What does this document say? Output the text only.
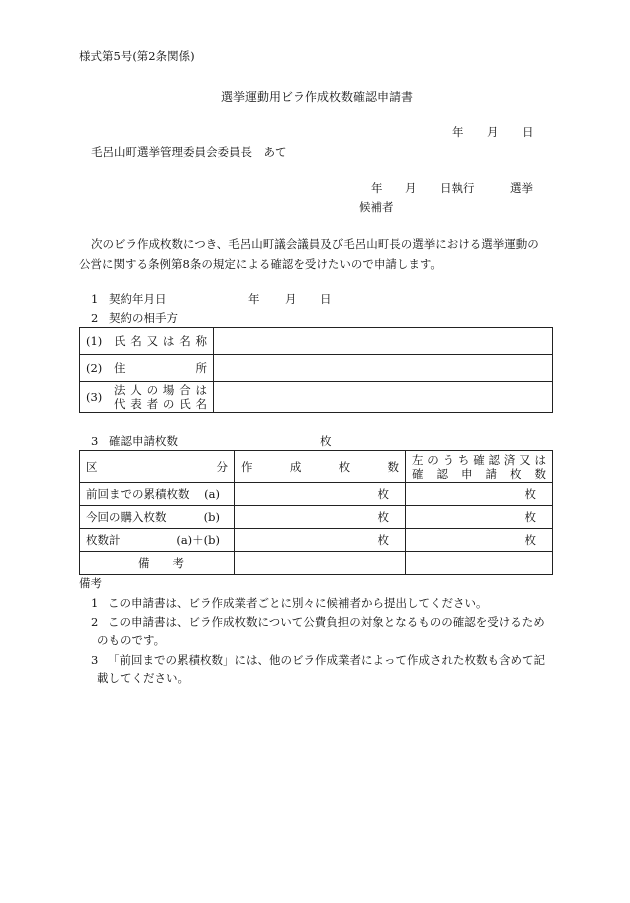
様式第5号(第2条関係)
選挙運動用ビラ作成枚数確認申請書
年 月 日
毛呂山町選挙管理委員会委員長　あて
年 月 日執行	選挙
候補者
次のビラ作成枚数につき、毛呂山町議会議員及び毛呂山町長の選挙における選挙運動の
公営に関する条例第8条の規定による確認を受けたいので申請します。
1 契約年月日	年 月 日
2 契約の相手方
(1) 氏名又は名称	

(2) 住 所	

(3) 法人の場合は
代表者の氏名	

3 確認申請枚数	枚
区 分	作 成 枚 数	左のうち確認済又は
確認申請枚数

前回までの累積枚数 (a)	枚	枚

今回の購入枚数 (b)	枚	枚

枚数計 (a)＋(b)	枚	枚

備 考		

備考
1 この申請書は、ビラ作成業者ごとに別々に候補者から提出してください。
2 この申請書は、ビラ作成枚数について公費負担の対象となるものの確認を受けるため
のものです。
3 「前回までの累積枚数」には、他のビラ作成業者によって作成された枚数も含めて記
載してください。
